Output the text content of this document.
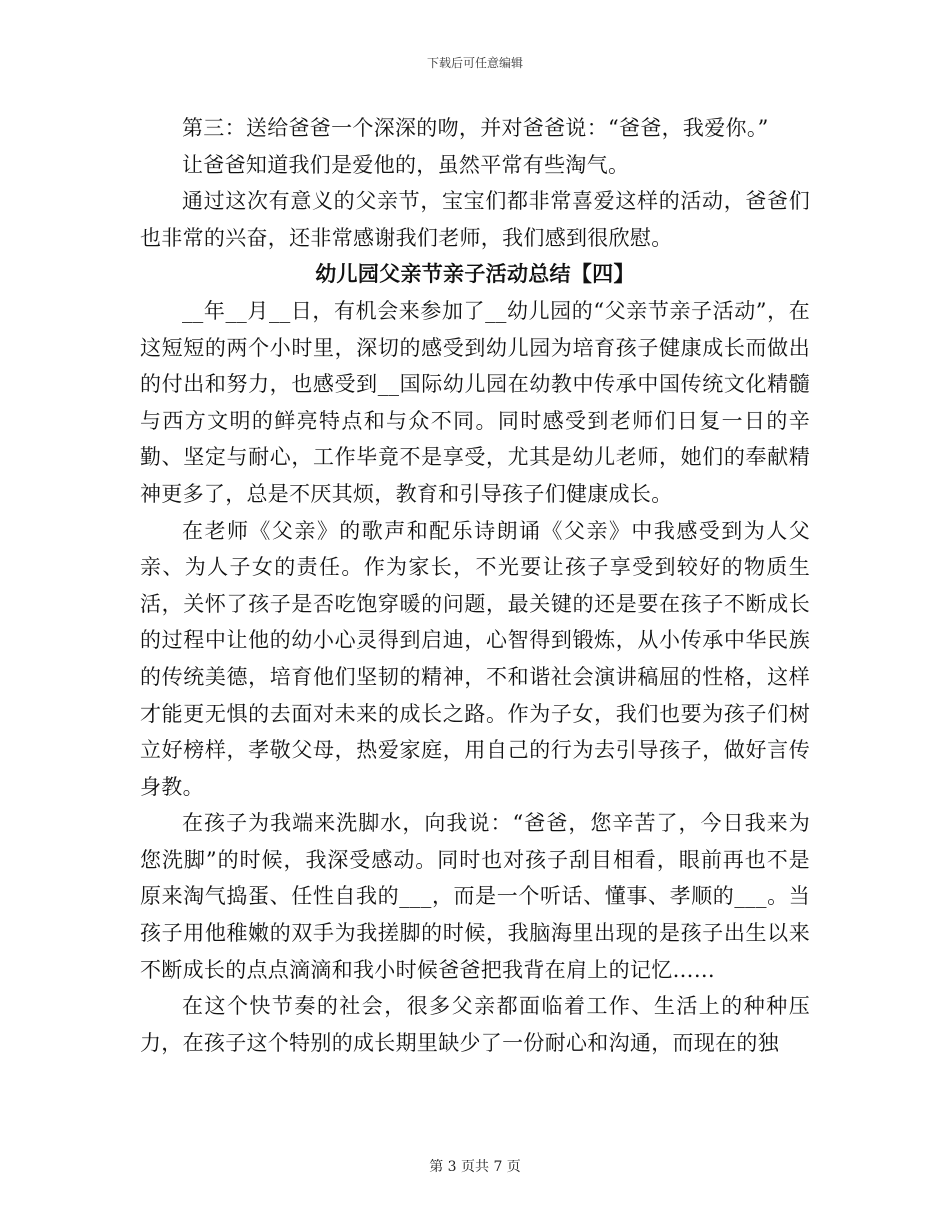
下载后可任意编辑

第三：送给爸爸一个深深的吻，并对爸爸说：“爸爸，我爱你。”

让爸爸知道我们是爱他的，虽然平常有些淘气。

通过这次有意义的父亲节，宝宝们都非常喜爱这样的活动，爸爸们也非常的兴奋，还非常感谢我们老师，我们感到很欣慰。

幼儿园父亲节亲子活动总结【四】

__年__月__日，有机会来参加了__幼儿园的“父亲节亲子活动”，在这短短的两个小时里，深切的感受到幼儿园为培育孩子健康成长而做出的付出和努力，也感受到__国际幼儿园在幼教中传承中国传统文化精髓与西方文明的鲜亮特点和与众不同。同时感受到老师们日复一日的辛勤、坚定与耐心，工作毕竟不是享受，尤其是幼儿老师，她们的奉献精神更多了，总是不厌其烦，教育和引导孩子们健康成长。

在老师《父亲》的歌声和配乐诗朗诵《父亲》中我感受到为人父亲、为人子女的责任。作为家长，不光要让孩子享受到较好的物质生活，关怀了孩子是否吃饱穿暖的问题，最关键的还是要在孩子不断成长的过程中让他的幼小心灵得到启迪，心智得到锻炼，从小传承中华民族的传统美德，培育他们坚韧的精神，不和谐社会演讲稿屈的性格，这样才能更无惧的去面对未来的成长之路。作为子女，我们也要为孩子们树立好榜样，孝敬父母，热爱家庭，用自己的行为去引导孩子，做好言传身教。

在孩子为我端来洗脚水，向我说：“爸爸，您辛苦了，今日我来为您洗脚”的时候，我深受感动。同时也对孩子刮目相看，眼前再也不是原来淘气捣蛋、任性自我的___，而是一个听话、懂事、孝顺的___。当孩子用他稚嫩的双手为我搓脚的时候，我脑海里出现的是孩子出生以来不断成长的点点滴滴和我小时候爸爸把我背在肩上的记忆……

在这个快节奏的社会，很多父亲都面临着工作、生活上的种种压力，在孩子这个特别的成长期里缺少了一份耐心和沟通，而现在的独

第 3 页共 7 页
